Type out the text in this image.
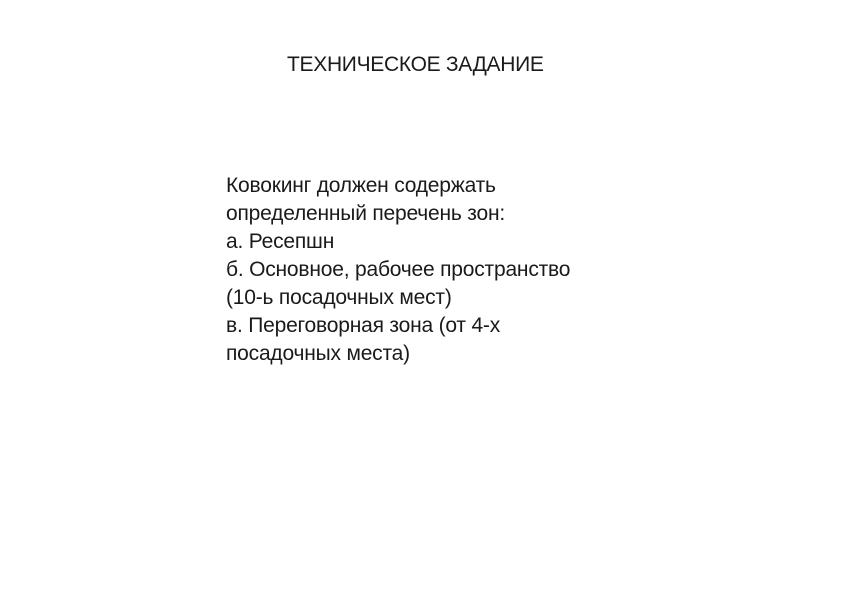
ТЕХНИЧЕСКОЕ ЗАДАНИЕ
Ковокинг должен содержать
определенный перечень зон:
а. Ресепшн
б. Основное, рабочее пространство
(10-ь посадочных мест)
в. Переговорная зона (от 4-х
посадочных места)
